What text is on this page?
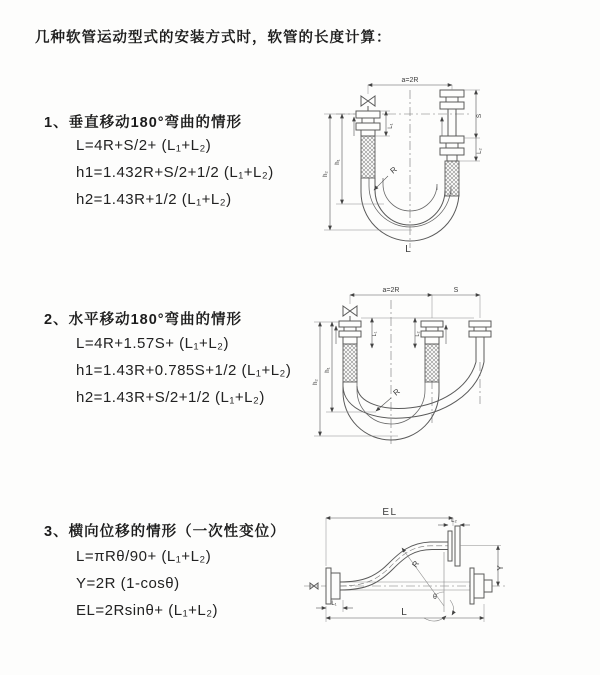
几种软管运动型式的安装方式时，软管的长度计算：
1、垂直移动180°弯曲的情形
L=4R+S/2+ (L₁+L₂)
h1=1.432R+S/2+1/2 (L₁+L₂)
h2=1.43R+1/2 (L₁+L₂)
2、水平移动180°弯曲的情形
L=4R+1.57S+ (L₁+L₂)
h1=1.43R+0.785S+1/2 (L₁+L₂)
h2=1.43R+S/2+1/2 (L₁+L₂)
3、横向位移的情形（一次性变位）
L=πRθ/90+ (L₁+L₂)
Y=2R (1-cosθ)
EL=2Rsinθ+ (L₁+L₂)
a=2R
L₁
S
L₂
h₂
h₁
R
L
a=2R	S
L₁	L₂
h₂
h₁
R
R
θ
EL
L₂
Y
L
L₁
